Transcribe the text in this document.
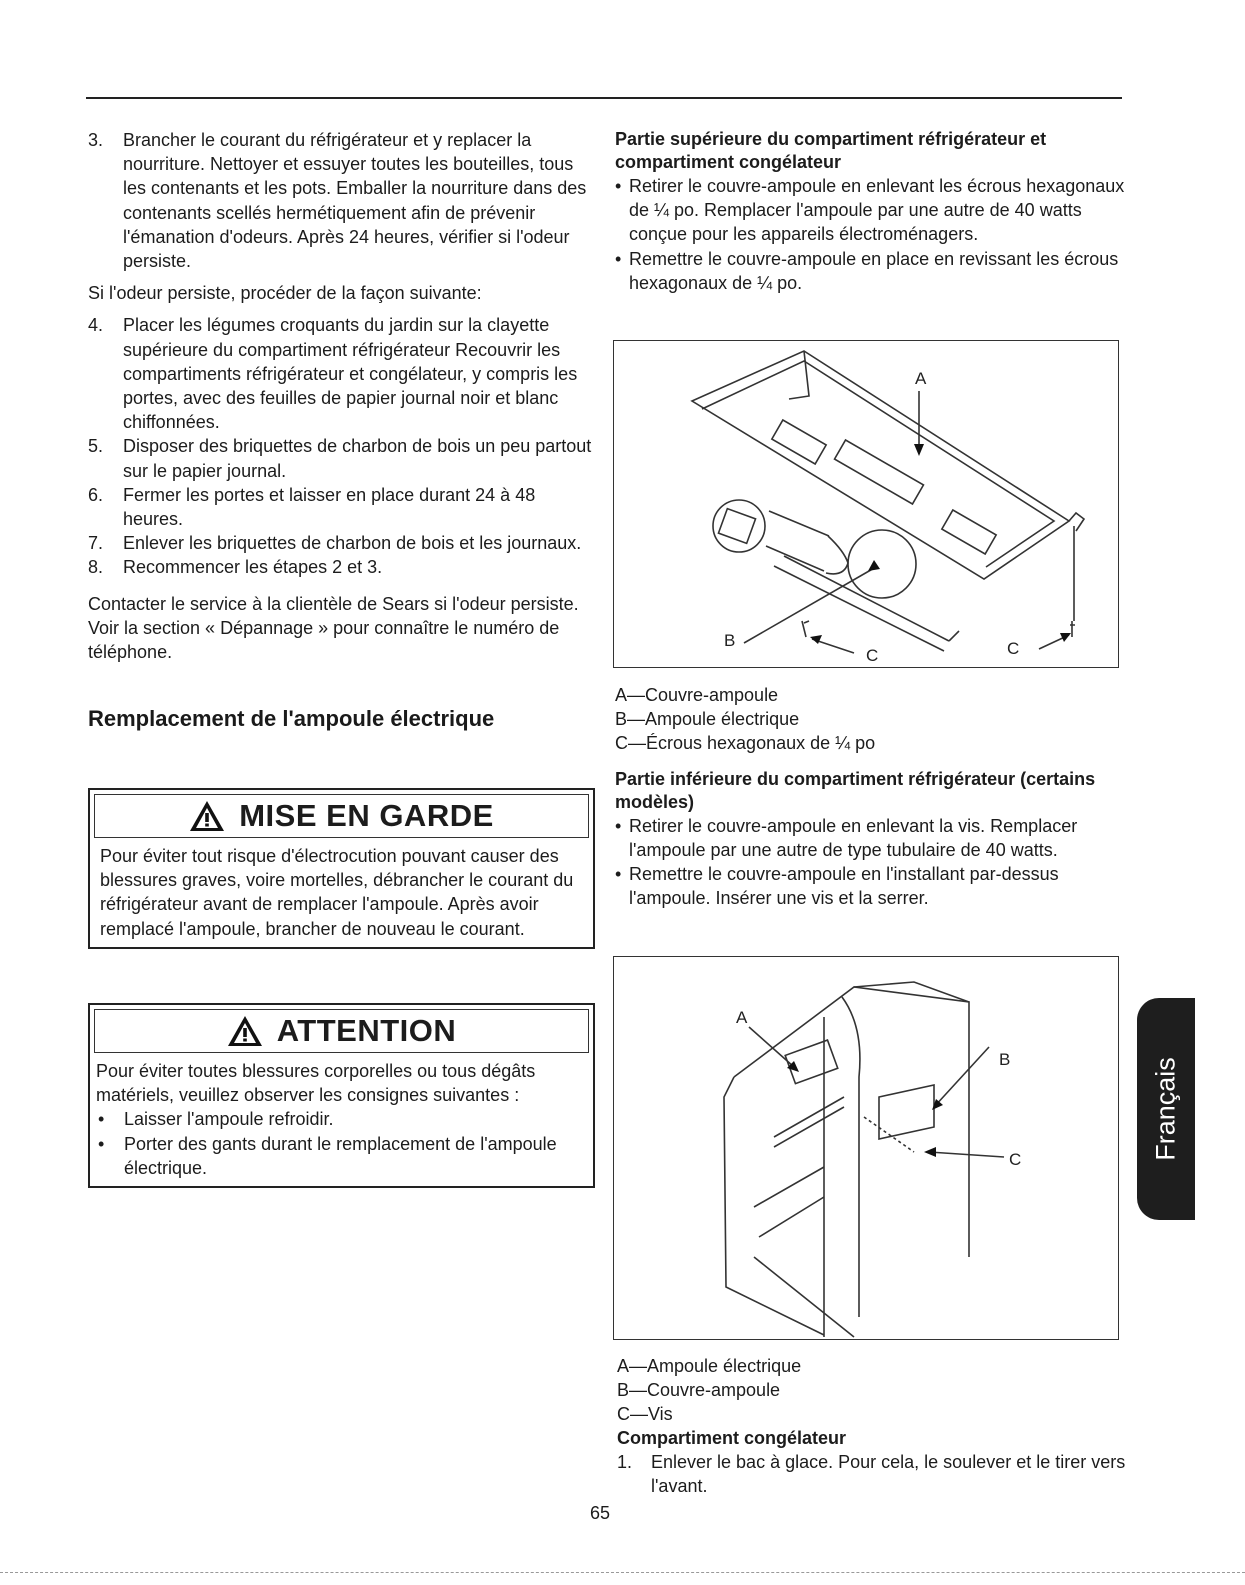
3. Brancher le courant du réfrigérateur et y replacer la nourriture. Nettoyer et essuyer toutes les bouteilles, tous les contenants et les pots. Emballer la nourriture dans des contenants scellés hermétiquement afin de prévenir l'émanation d'odeurs. Après 24 heures, vérifier si l'odeur persiste.

Si l'odeur persiste, procéder de la façon suivante:

4. Placer les légumes croquants du jardin sur la clayette supérieure du compartiment réfrigérateur Recouvrir les compartiments réfrigérateur et congélateur, y compris les portes, avec des feuilles de papier journal noir et blanc chiffonnées.
5. Disposer des briquettes de charbon de bois un peu partout sur le papier journal.
6. Fermer les portes et laisser en place durant 24 à 48 heures.
7. Enlever les briquettes de charbon de bois et les journaux.
8. Recommencer les étapes 2 et 3.

Contacter le service à la clientèle de Sears si l'odeur persiste. Voir la section « Dépannage » pour connaître le numéro de téléphone.

Remplacement de l'ampoule électrique
MISE EN GARDE
Pour éviter tout risque d'électrocution pouvant causer des blessures graves, voire mortelles, débrancher le courant du réfrigérateur avant de remplacer l'ampoule. Après avoir remplacé l'ampoule, brancher de nouveau le courant.
ATTENTION
Pour éviter toutes blessures corporelles ou tous dégâts matériels, veuillez observer les consignes suivantes :
• Laisser l'ampoule refroidir.
• Porter des gants durant le remplacement de l'ampoule électrique.
Partie supérieure du compartiment réfrigérateur et compartiment congélateur
• Retirer le couvre-ampoule en enlevant les écrous hexagonaux de ¼ po. Remplacer l'ampoule par une autre de 40 watts conçue pour les appareils électroménagers.
• Remettre le couvre-ampoule en place en revissant les écrous hexagonaux de ¼ po.
A
B
C	C
A—Couvre-ampoule
B—Ampoule électrique
C—Écrous hexagonaux de ¼ po
Partie inférieure du compartiment réfrigérateur (certains modèles)
• Retirer le couvre-ampoule en enlevant la vis. Remplacer l'ampoule par une autre de type tubulaire de 40 watts.
• Remettre le couvre-ampoule en l'installant par-dessus l'ampoule. Insérer une vis et la serrer.
A
B
C
A—Ampoule électrique
B—Couvre-ampoule
C—Vis
Compartiment congélateur
1. Enlever le bac à glace. Pour cela, le soulever et le tirer vers l'avant.
Français
65
